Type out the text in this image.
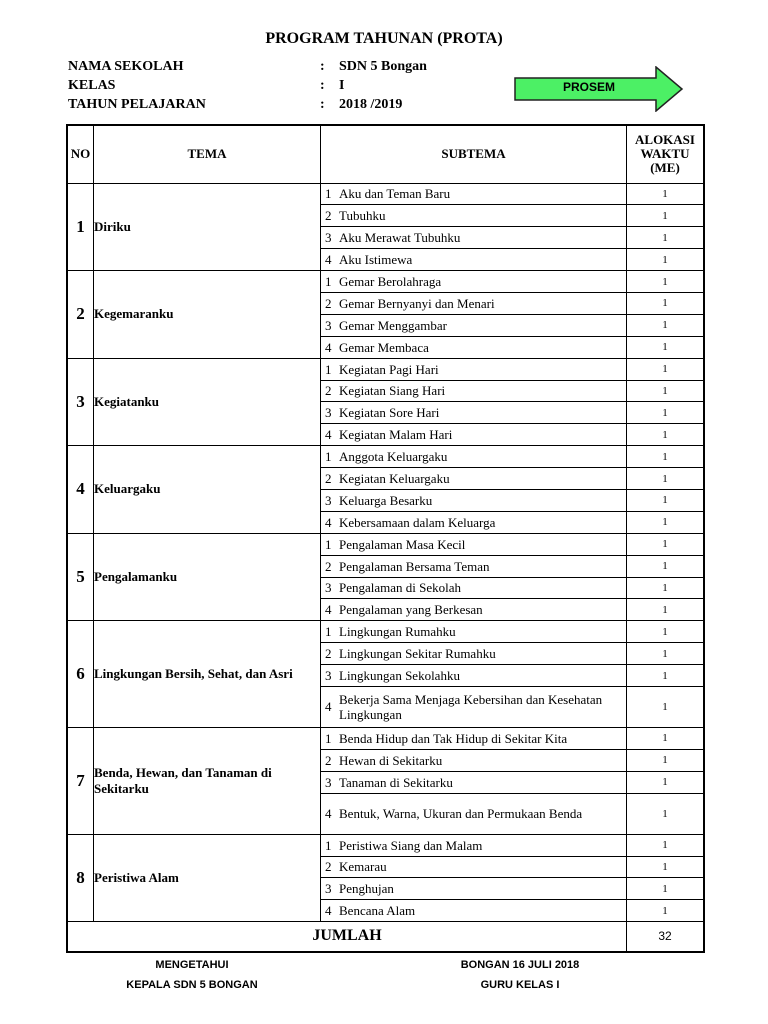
PROGRAM TAHUNAN (PROTA)
NAMA SEKOLAH	: SDN 5 Bongan
KELAS	: I
TAHUN PELAJARAN	: 2018 /2019
PROSEM
NO	TEMA	SUBTEMA	ALOKASI
WAKTU
(ME)

1	Diriku	1 Aku dan Teman Baru	1

		2 Tubuhku	1

		3 Aku Merawat Tubuhku	1

		4 Aku Istimewa	1
2	Kegemaranku	1 Gemar Berolahraga	1

		2 Gemar Bernyanyi dan Menari	1

		3 Gemar Menggambar	1

		4 Gemar Membaca	1
3	Kegiatanku	1 Kegiatan Pagi Hari	1

		2 Kegiatan Siang Hari	1

		3 Kegiatan Sore Hari	1

		4 Kegiatan Malam Hari	1
4	Keluargaku	1 Anggota Keluargaku	1

		2 Kegiatan Keluargaku	1

		3 Keluarga Besarku	1

		4 Kebersamaan dalam Keluarga	1
5	Pengalamanku	1 Pengalaman Masa Kecil	1

		2 Pengalaman Bersama Teman	1

		3 Pengalaman di Sekolah	1

		4 Pengalaman yang Berkesan	1
6	Lingkungan Bersih, Sehat, dan Asri	1 Lingkungan Rumahku	1

		2 Lingkungan Sekitar Rumahku	1

		3 Lingkungan Sekolahku	1

		4 Bekerja Sama Menjaga Kebersihan dan Kesehatan Lingkungan	1
7	Benda, Hewan, dan Tanaman di Sekitarku	1 Benda Hidup dan Tak Hidup di Sekitar Kita	1

		2 Hewan di Sekitarku	1

		3 Tanaman di Sekitarku	1

		4 Bentuk, Warna, Ukuran dan Permukaan Benda	1
8	Peristiwa Alam	1 Peristiwa Siang dan Malam	1

		2 Kemarau	1

		3 Penghujan	1

		4 Bencana Alam	1
JUMLAH			32
MENGETAHUI
KEPALA SDN 5 BONGAN
BONGAN 16 JULI 2018
GURU KELAS I
